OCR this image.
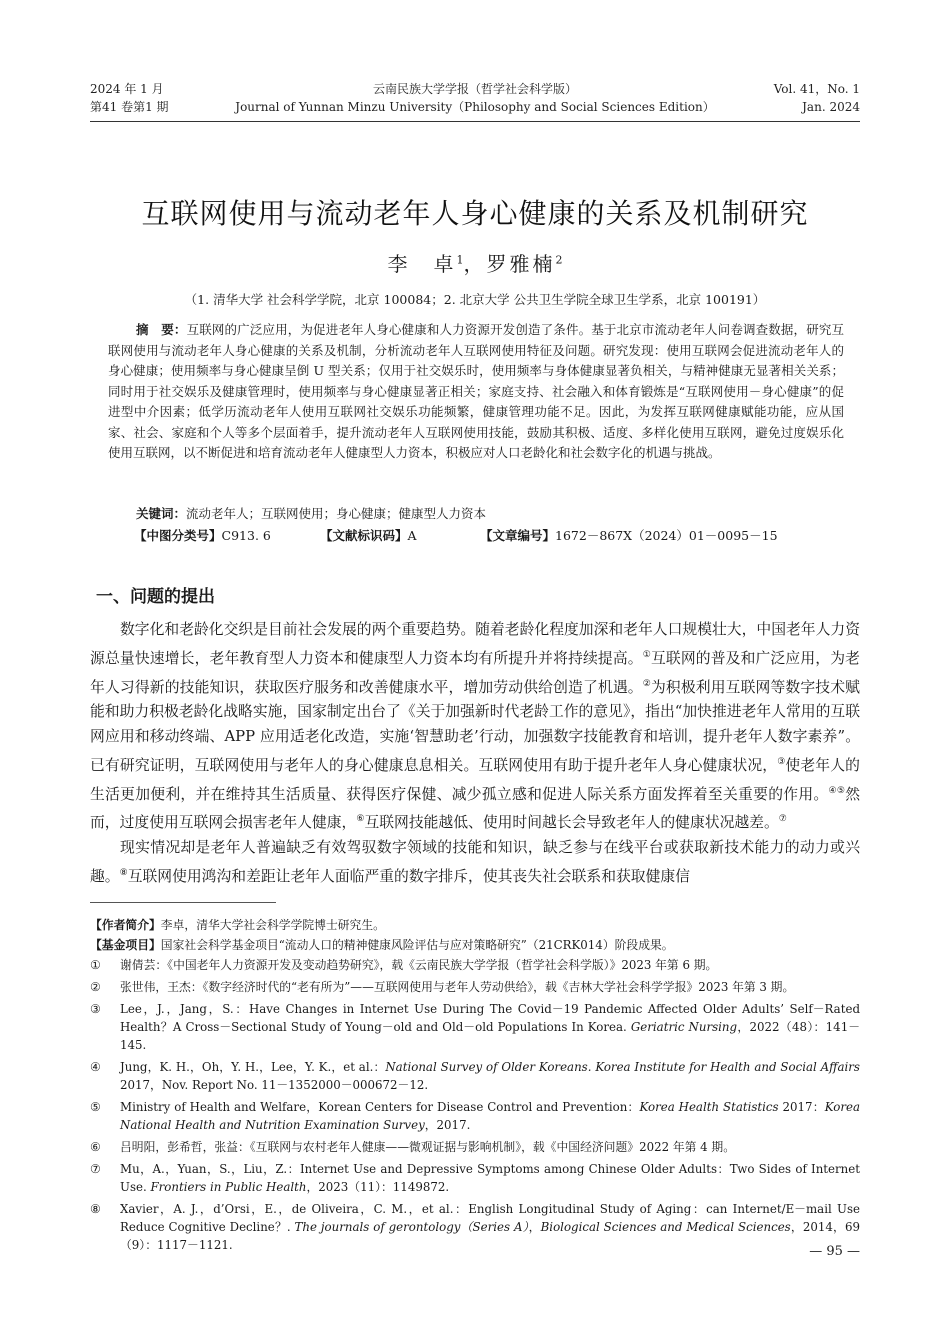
2024 年 1 月
第41 卷第1 期
云南民族大学学报（哲学社会科学版）
Journal of Yunnan Minzu University（Philosophy and Social Sciences Edition）
Vol. 41，No. 1
Jan. 2024
互联网使用与流动老年人身心健康的关系及机制研究
李　卓$^1$，罗雅楠$^2$
（1. 清华大学 社会科学学院，北京 100084；2. 北京大学 公共卫生学院全球卫生学系，北京 100191）
摘　要：互联网的广泛应用，为促进老年人身心健康和人力资源开发创造了条件。基于北京市流动老年人问卷调查数据，研究互联网使用与流动老年人身心健康的关系及机制，分析流动老年人互联网使用特征及问题。研究发现：使用互联网会促进流动老年人的身心健康；使用频率与身心健康呈倒 U 型关系；仅用于社交娱乐时，使用频率与身体健康显著负相关，与精神健康无显著相关关系；同时用于社交娱乐及健康管理时，使用频率与身心健康显著正相关；家庭支持、社会融入和体育锻炼是“互联网使用－身心健康”的促进型中介因素；低学历流动老年人使用互联网社交娱乐功能频繁，健康管理功能不足。因此，为发挥互联网健康赋能功能，应从国家、社会、家庭和个人等多个层面着手，提升流动老年人互联网使用技能，鼓励其积极、适度、多样化使用互联网，避免过度娱乐化使用互联网，以不断促进和培育流动老年人健康型人力资本，积极应对人口老龄化和社会数字化的机遇与挑战。
关键词：流动老年人；互联网使用；身心健康；健康型人力资本
【中图分类号】C913. 6	【文献标识码】A	【文章编号】1672－867X（2024）01－0095－15
一、问题的提出

数字化和老龄化交织是目前社会发展的两个重要趋势。随着老龄化程度加深和老年人口规模壮大，中国老年人力资源总量快速增长，老年教育型人力资本和健康型人力资本均有所提升并将持续提高。①互联网的普及和广泛应用，为老年人习得新的技能知识，获取医疗服务和改善健康水平，增加劳动供给创造了机遇。②为积极利用互联网等数字技术赋能和助力积极老龄化战略实施，国家制定出台了《关于加强新时代老龄工作的意见》，指出“加快推进老年人常用的互联网应用和移动终端、APP 应用适老化改造，实施‘智慧助老’行动，加强数字技能教育和培训，提升老年人数字素养”。已有研究证明，互联网使用与老年人的身心健康息息相关。互联网使用有助于提升老年人身心健康状况，③使老年人的生活更加便利，并在维持其生活质量、获得医疗保健、减少孤立感和促进人际关系方面发挥着至关重要的作用。④⑤然而，过度使用互联网会损害老年人健康，⑥互联网技能越低、使用时间越长会导致老年人的健康状况越差。⑦

现实情况却是老年人普遍缺乏有效驾驭数字领域的技能和知识，缺乏参与在线平台或获取新技术能力的动力或兴趣。⑧互联网使用鸿沟和差距让老年人面临严重的数字排斥，使其丧失社会联系和获取健康信

【作者简介】李卓，清华大学社会科学学院博士研究生。
【基金项目】国家社会科学基金项目“流动人口的精神健康风险评估与应对策略研究”（21CRK014）阶段成果。
① 谢倩芸：《中国老年人力资源开发及变动趋势研究》，载《云南民族大学学报（哲学社会科学版）》2023 年第 6 期。
② 张世伟，王杰：《数字经济时代的“老有所为”——互联网使用与老年人劳动供给》，载《吉林大学社会科学学报》2023 年第 3 期。
③ Lee，J.，Jang，S.：Have Changes in Internet Use During The Covid－19 Pandemic Affected Older Adults’ Self－Rated Health？A Cross－Sectional Study of Young－old and Old－old Populations In Korea. Geriatric Nursing，2022（48）：141－145.
④ Jung，K. H.，Oh，Y. H.，Lee，Y. K.，et al.：National Survey of Older Koreans. Korea Institute for Health and Social Affairs 2017，Nov. Report No. 11－1352000－000672－12.
⑤ Ministry of Health and Welfare，Korean Centers for Disease Control and Prevention：Korea Health Statistics 2017：Korea National Health and Nutrition Examination Survey，2017.
⑥ 吕明阳，彭希哲，张益：《互联网与农村老年人健康——微观证据与影响机制》，载《中国经济问题》2022 年第 4 期。
⑦ Mu，A.，Yuan，S.，Liu，Z.：Internet Use and Depressive Symptoms among Chinese Older Adults：Two Sides of Internet Use. Frontiers in Public Health，2023（11）：1149872.
⑧ Xavier，A. J.，d’Orsi，E.，de Oliveira，C. M.，et al.：English Longitudinal Study of Aging：can Internet/E－mail Use Reduce Cognitive Decline？. The journals of gerontology（Series A），Biological Sciences and Medical Sciences，2014，69（9）：1117－1121.	— 95 —
